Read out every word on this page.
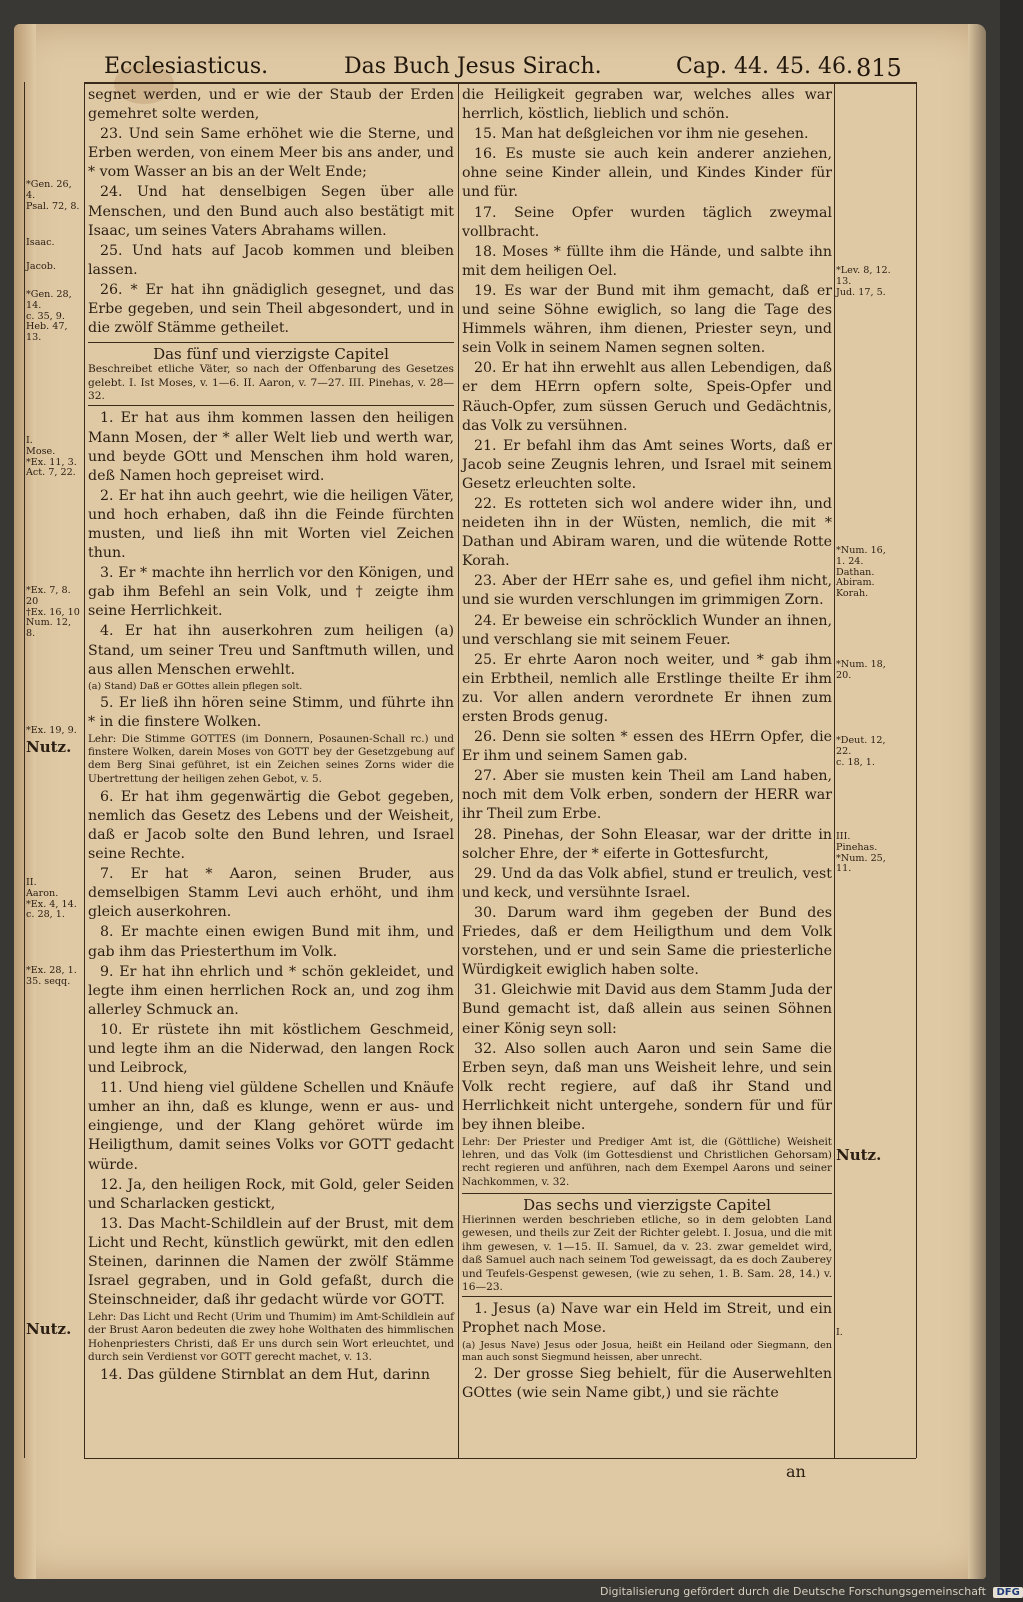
Ecclesiasticus.	Das Buch Jesus Sirach.	Cap. 44. 45. 46. 815

segnet werden, und er wie der Staub der Erden gemehret solte werden,

23. Und sein Same erhöhet wie die Sterne, und Erben werden, von einem Meer bis ans ander, und * vom Wasser an bis an der Welt Ende;

24. Und hat denselbigen Segen über alle Menschen, und den Bund auch also bestätigt mit Isaac, um seines Vaters Abrahams willen.

25. Und hats auf Jacob kommen und bleiben lassen.

26. * Er hat ihn gnädiglich gesegnet, und das Erbe gegeben, und sein Theil abgesondert, und in die zwölf Stämme getheilet.

Das fünf und vierzigste Capitel
Beschreibet etliche Väter, so nach der Offenbarung des Gesetzes gelebt. I. Ist Moses, v. 1—6. II. Aaron, v. 7—27. III. Pinehas, v. 28—32.

1. Er hat aus ihm kommen lassen den heiligen Mann Mosen, der * aller Welt lieb und werth war, und beyde GOtt und Menschen ihm hold waren, deß Namen hoch gepreiset wird.

2. Er hat ihn auch geehrt, wie die heiligen Väter, und hoch erhaben, daß ihn die Feinde fürchten musten, und ließ ihn mit Worten viel Zeichen thun.

3. Er * machte ihn herrlich vor den Königen, und gab ihm Befehl an sein Volk, und † zeigte ihm seine Herrlichkeit.

4. Er hat ihn auserkohren zum heiligen (a) Stand, um seiner Treu und Sanftmuth willen, und aus allen Menschen erwehlt.

(a) Stand) Daß er GOttes allein pflegen solt.

5. Er ließ ihn hören seine Stimm, und führte ihn * in die finstere Wolken.

Lehr: Die Stimme GOTTES (im Donnern, Posaunen-Schall rc.) und finstere Wolken, darein Moses von GOTT bey der Gesetzgebung auf dem Berg Sinai geführet, ist ein Zeichen seines Zorns wider die Ubertrettung der heiligen zehen Gebot, v. 5.

6. Er hat ihm gegenwärtig die Gebot gegeben, nemlich das Gesetz des Lebens und der Weisheit, daß er Jacob solte den Bund lehren, und Israel seine Rechte.

7. Er hat * Aaron, seinen Bruder, aus demselbigen Stamm Levi auch erhöht, und ihm gleich auserkohren.

8. Er machte einen ewigen Bund mit ihm, und gab ihm das Priesterthum im Volk.

9. Er hat ihn ehrlich und * schön gekleidet, und legte ihm einen herrlichen Rock an, und zog ihm allerley Schmuck an.

10. Er rüstete ihn mit köstlichem Geschmeid, und legte ihm an die Niderwad, den langen Rock und Leibrock,

11. Und hieng viel güldene Schellen und Knäufe umher an ihn, daß es klunge, wenn er aus- und eingienge, und der Klang gehöret würde im Heiligthum, damit seines Volks vor GOTT gedacht würde.

12. Ja, den heiligen Rock, mit Gold, geler Seiden und Scharlacken gestickt,

13. Das Macht-Schildlein auf der Brust, mit dem Licht und Recht, künstlich gewürkt, mit den edlen Steinen, darinnen die Namen der zwölf Stämme Israel gegraben, und in Gold gefaßt, durch die Steinschneider, daß ihr gedacht würde vor GOTT.

Lehr: Das Licht und Recht (Urim und Thumim) im Amt-Schildlein auf der Brust Aaron bedeuten die zwey hohe Wolthaten des himmlischen Hohenpriesters Christi, daß Er uns durch sein Wort erleuchtet, und durch sein Verdienst vor GOTT gerecht machet, v. 13.

14. Das güldene Stirnblat an dem Hut, darinn

die Heiligkeit gegraben war, welches alles war herrlich, köstlich, lieblich und schön.

15. Man hat deßgleichen vor ihm nie gesehen.

16. Es muste sie auch kein anderer anziehen, ohne seine Kinder allein, und Kindes Kinder für und für.

17. Seine Opfer wurden täglich zweymal vollbracht.

18. Moses * füllte ihm die Hände, und salbte ihn mit dem heiligen Oel.

19. Es war der Bund mit ihm gemacht, daß er und seine Söhne ewiglich, so lang die Tage des Himmels währen, ihm dienen, Priester seyn, und sein Volk in seinem Namen segnen solten.

20. Er hat ihn erwehlt aus allen Lebendigen, daß er dem HErrn opfern solte, Speis-Opfer und Räuch-Opfer, zum süssen Geruch und Gedächtnis, das Volk zu versühnen.

21. Er befahl ihm das Amt seines Worts, daß er Jacob seine Zeugnis lehren, und Israel mit seinem Gesetz erleuchten solte.

22. Es rotteten sich wol andere wider ihn, und neideten ihn in der Wüsten, nemlich, die mit * Dathan und Abiram waren, und die wütende Rotte Korah.

23. Aber der HErr sahe es, und gefiel ihm nicht, und sie wurden verschlungen im grimmigen Zorn.

24. Er beweise ein schröcklich Wunder an ihnen, und verschlang sie mit seinem Feuer.

25. Er ehrte Aaron noch weiter, und * gab ihm ein Erbtheil, nemlich alle Erstlinge theilte Er ihm zu. Vor allen andern verordnete Er ihnen zum ersten Brods genug.

26. Denn sie solten * essen des HErrn Opfer, die Er ihm und seinem Samen gab.

27. Aber sie musten kein Theil am Land haben, noch mit dem Volk erben, sondern der HERR war ihr Theil zum Erbe.

28. Pinehas, der Sohn Eleasar, war der dritte in solcher Ehre, der * eiferte in Gottesfurcht,

29. Und da das Volk abfiel, stund er treulich, vest und keck, und versühnte Israel.

30. Darum ward ihm gegeben der Bund des Friedes, daß er dem Heiligthum und dem Volk vorstehen, und er und sein Same die priesterliche Würdigkeit ewiglich haben solte.

31. Gleichwie mit David aus dem Stamm Juda der Bund gemacht ist, daß allein aus seinen Söhnen einer König seyn soll:

32. Also sollen auch Aaron und sein Same die Erben seyn, daß man uns Weisheit lehre, und sein Volk recht regiere, auf daß ihr Stand und Herrlichkeit nicht untergehe, sondern für und für bey ihnen bleibe.

Lehr: Der Priester und Prediger Amt ist, die (Göttliche) Weisheit lehren, und das Volk (im Gottesdienst und Christlichen Gehorsam) recht regieren und anführen, nach dem Exempel Aarons und seiner Nachkommen, v. 32.

Das sechs und vierzigste Capitel
Hierinnen werden beschrieben etliche, so in dem gelobten Land gewesen, und theils zur Zeit der Richter gelebt. I. Josua, und die mit ihm gewesen, v. 1—15. II. Samuel, da v. 23. zwar gemeldet wird, daß Samuel auch nach seinem Tod geweissagt, da es doch Zauberey und Teufels-Gespenst gewesen, (wie zu sehen, 1. B. Sam. 28, 14.) v. 16—23.

1. Jesus (a) Nave war ein Held im Streit, und ein Prophet nach Mose.

(a) Jesus Nave) Jesus oder Josua, heißt ein Heiland oder Siegmann, den man auch sonst Siegmund heissen, aber unrecht.

2. Der grosse Sieg behielt, für die Auserwehlten GOttes (wie sein Name gibt,) und sie rächte

an
*Gen. 26, 4.
Psal. 72, 8.
Isaac.
Jacob.
*Gen. 28, 14.
c. 35, 9.
Heb. 47, 13.
I.
Mose.
*Ex. 11, 3.
Act. 7, 22.
*Ex. 7, 8. 20
†Ex. 16, 10
Num. 12, 8.
*Ex. 19, 9.
Nutz.
II.
Aaron.
*Ex. 4, 14.
c. 28, 1.
*Ex. 28, 1.
35. seqq.
Nutz.
*Lev. 8, 12.
13.
Jud. 17, 5.
*Num. 16,
1. 24.
Dathan.
Abiram.
Korah.
*Num. 18,
20.
*Deut. 12,
22.
c. 18, 1.
III.
Pinehas.
*Num. 25,
11.
Nutz.
I.
Digitalisierung gefördert durch die Deutsche Forschungsgemeinschaft DFG
